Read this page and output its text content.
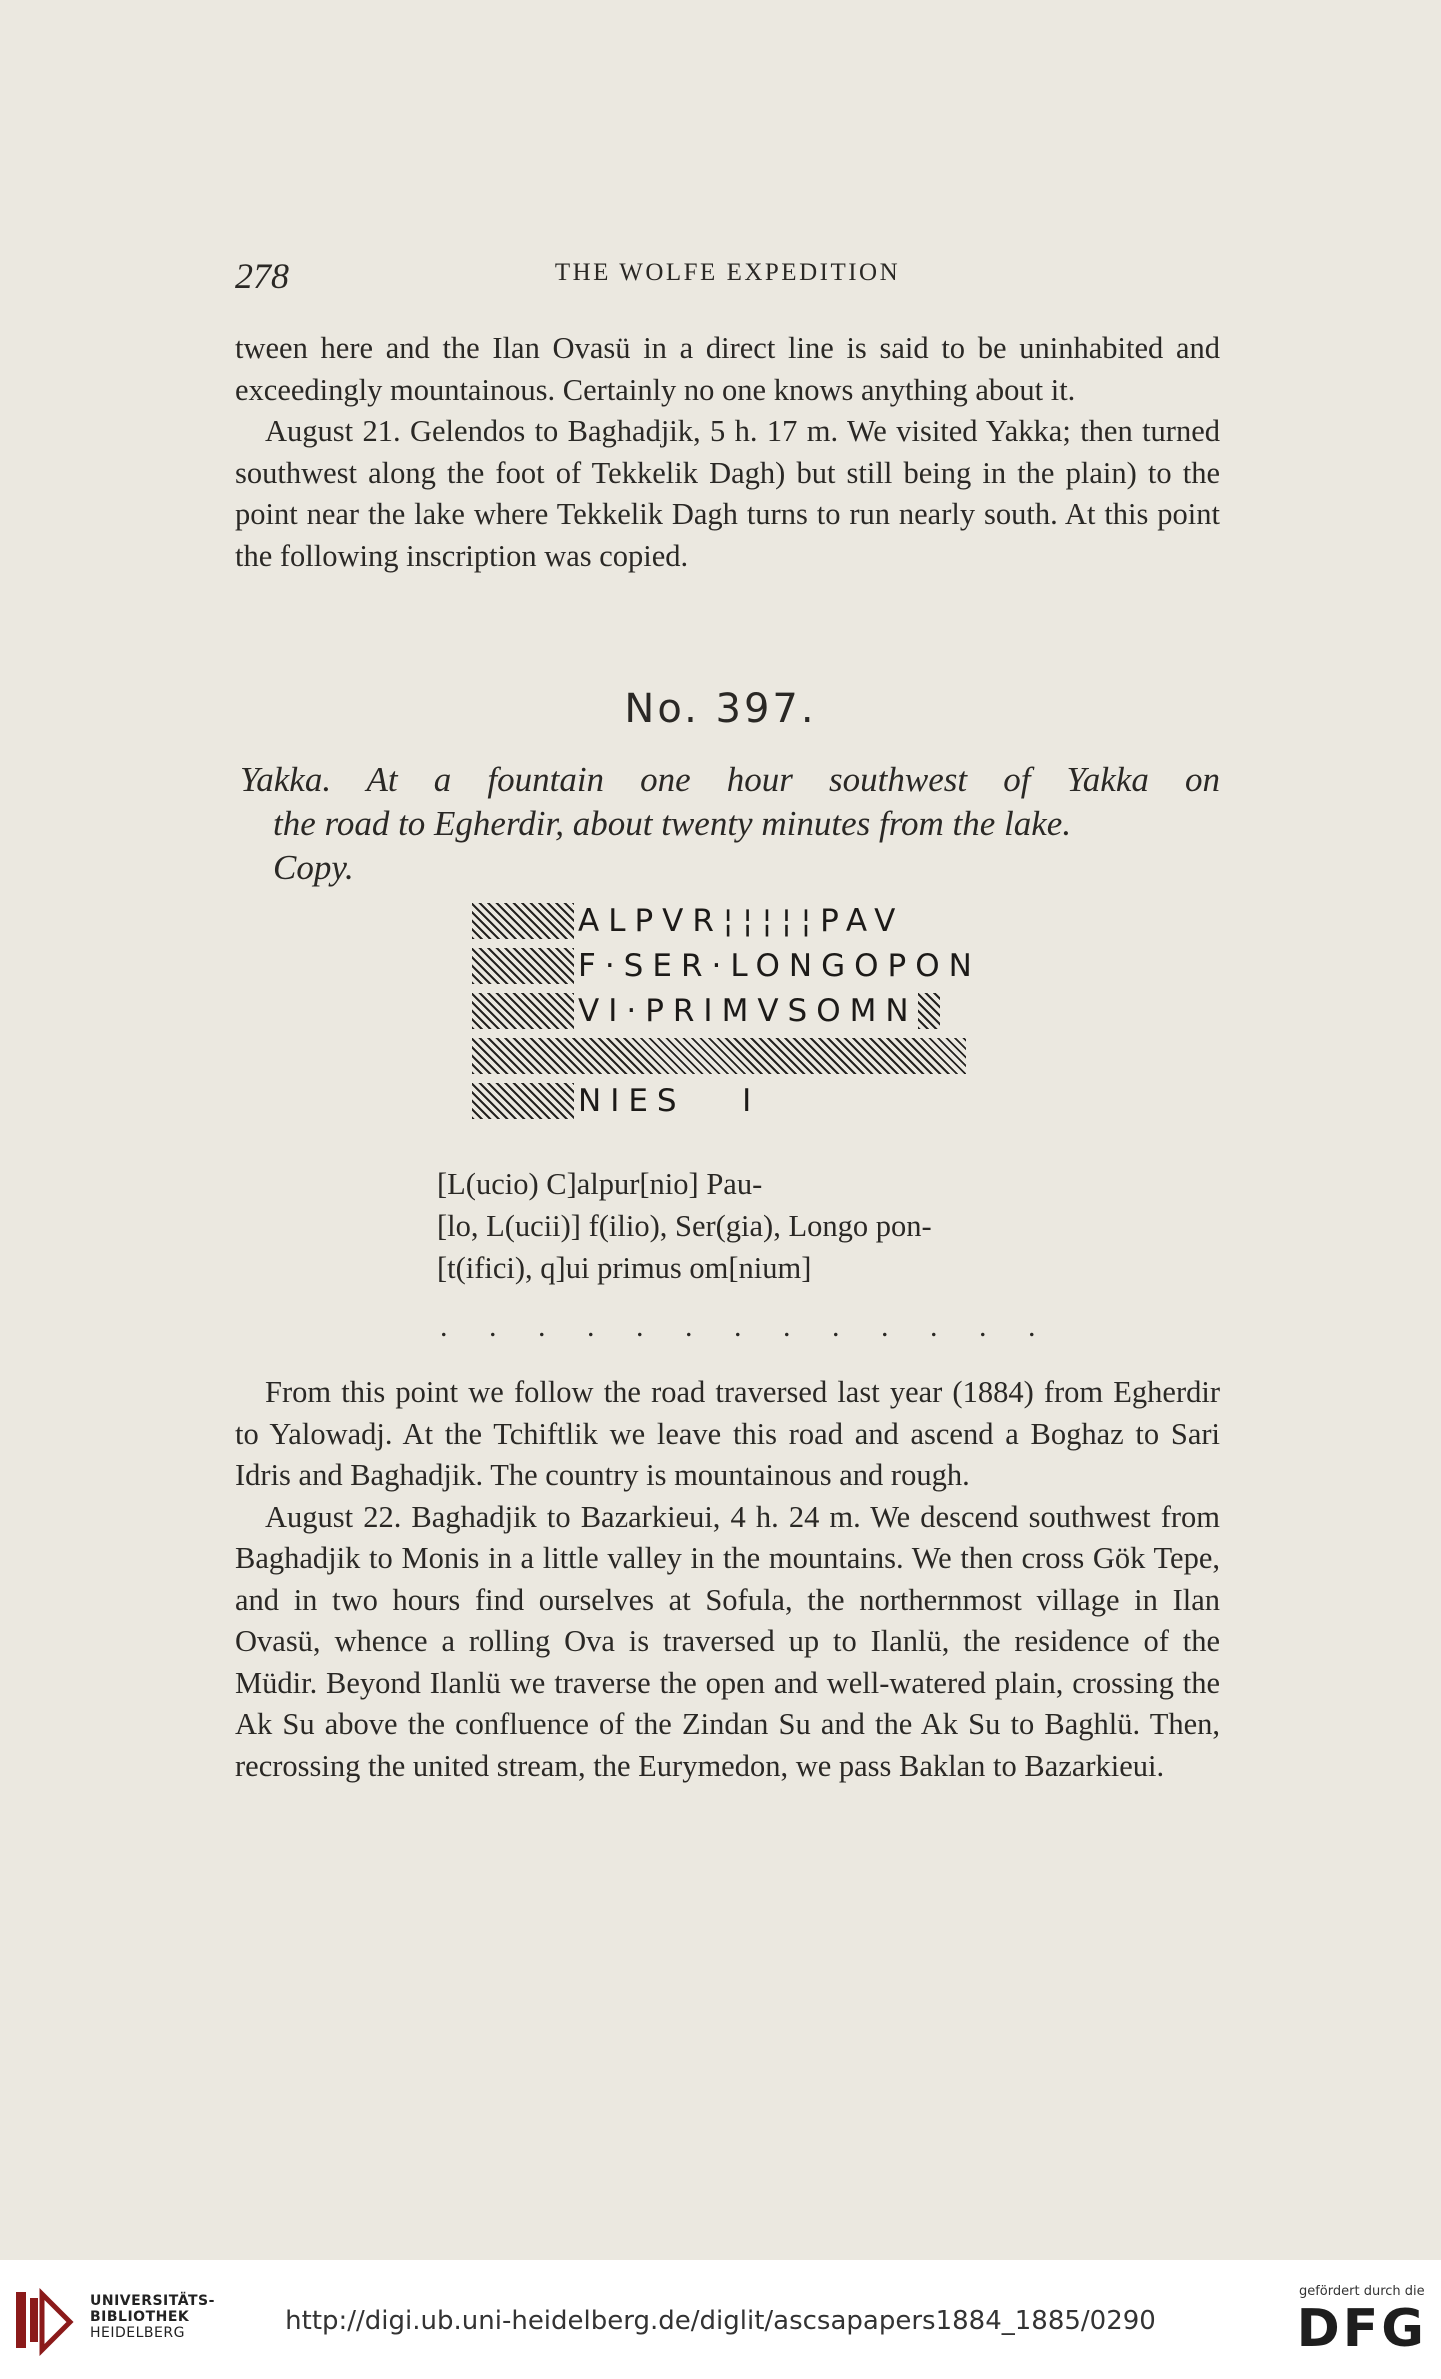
278	THE WOLFE EXPEDITION

tween here and the Ilan Ovasü in a direct line is said to be uninhabited and exceedingly mountainous. Certainly no one knows anything about it.

August 21. Gelendos to Baghadjik, 5 h. 17 m. We visited Yakka; then turned southwest along the foot of Tekkelik Dagh) but still being in the plain) to the point near the lake where Tekkelik Dagh turns to run nearly south. At this point the following inscription was copied.

No. 397.
Yakka. At a fountain one hour southwest of Yakka on
the road to Egherdir, about twenty minutes from the lake.
Copy.
ALPVR¦¦¦¦¦PAV
F·SER·LONGOPON
VI·PRIMVSOMN
NIES   I
[L(ucio) C]alpur[nio] Pau-
[lo, L(ucii)] f(ilio), Ser(gia), Longo pon-
[t(ifici), q]ui primus om[nium]
. . . . . . . . . . . . .

From this point we follow the road traversed last year (1884) from Egherdir to Yalowadj. At the Tchiftlik we leave this road and ascend a Boghaz to Sari Idris and Baghadjik. The country is mountainous and rough.

August 22. Baghadjik to Bazarkieui, 4 h. 24 m. We descend southwest from Baghadjik to Monis in a little valley in the mountains. We then cross Gök Tepe, and in two hours find ourselves at Sofula, the northernmost village in Ilan Ovasü, whence a rolling Ova is traversed up to Ilanlü, the residence of the Müdir. Beyond Ilanlü we traverse the open and well-watered plain, crossing the Ak Su above the confluence of the Zindan Su and the Ak Su to Baghlü. Then, recrossing the united stream, the Eurymedon, we pass Baklan to Bazarkieui.

UNIVERSITÄTS-
BIBLIOTHEK
HEIDELBERG	http://digi.ub.uni-heidelberg.de/diglit/ascsapapers1884_1885/0290
gefördert durch die
DFG
